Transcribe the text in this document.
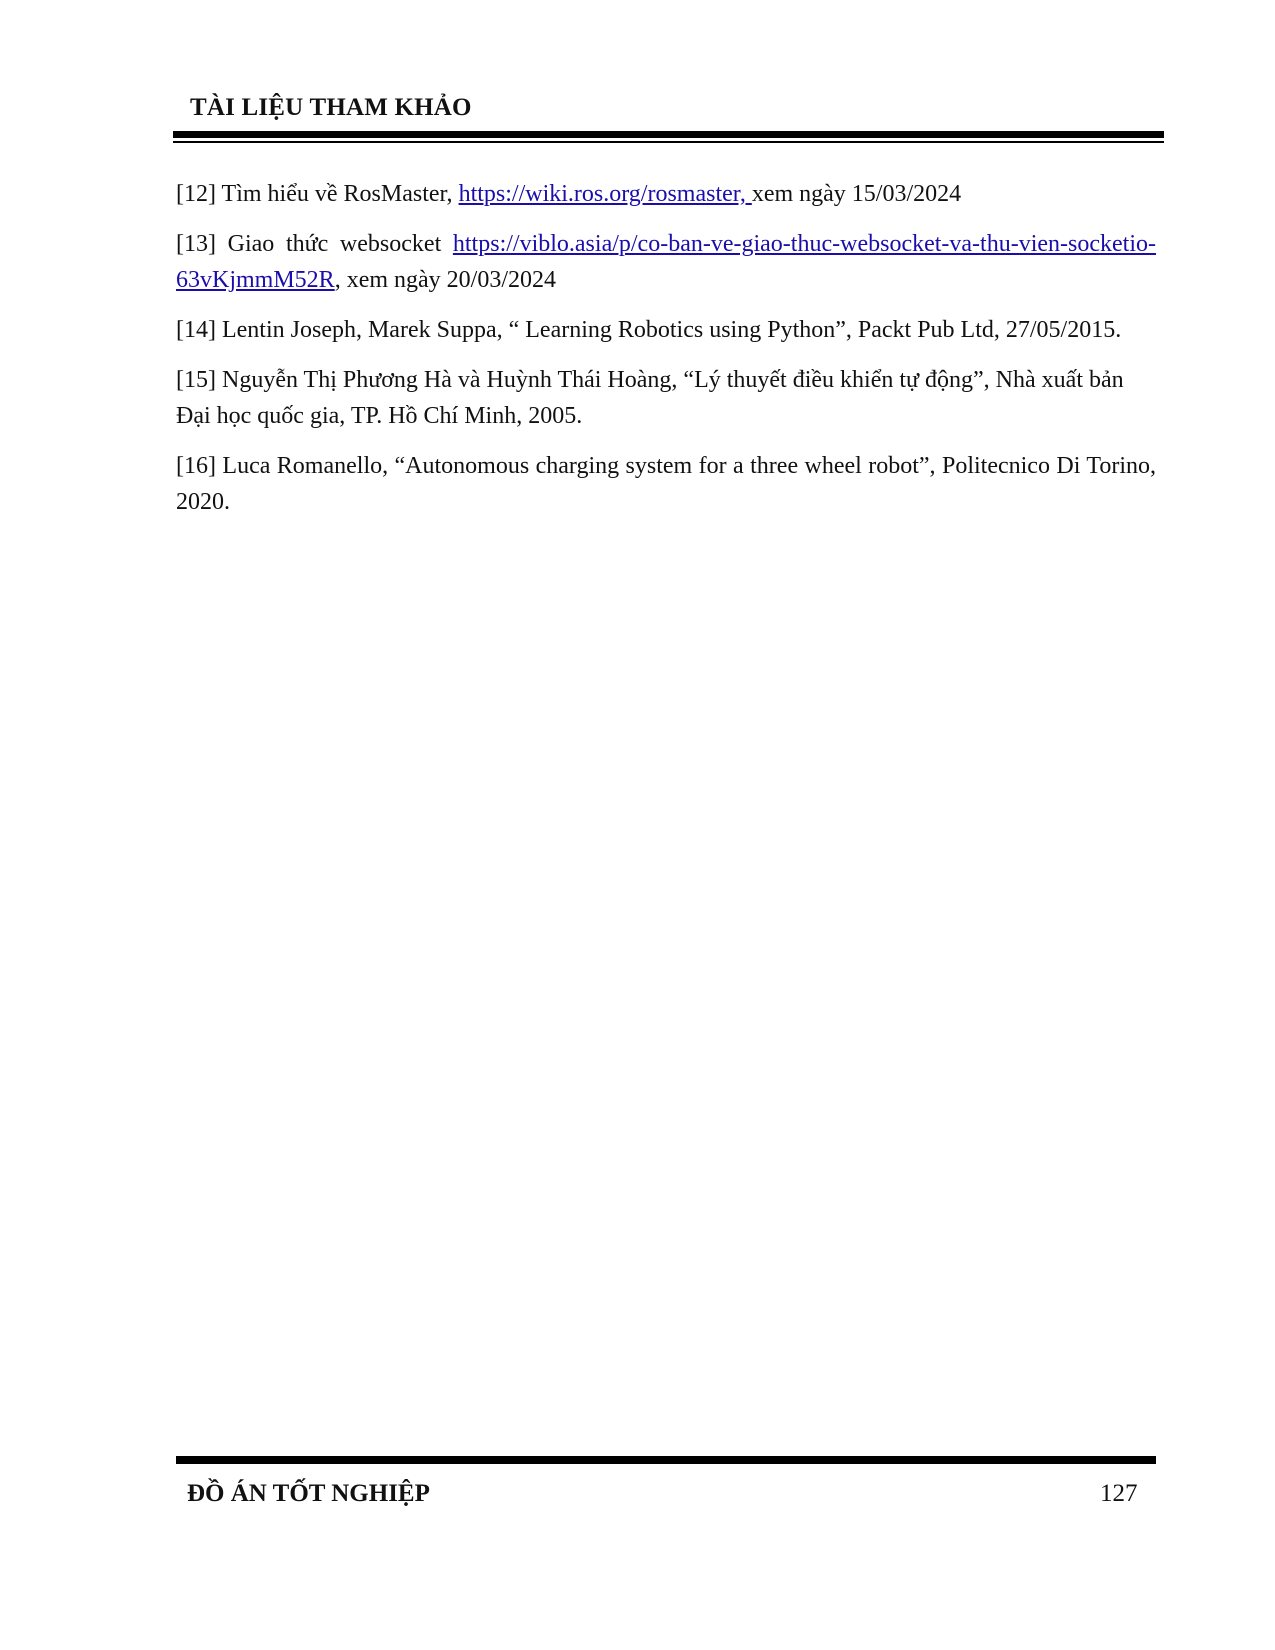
TÀI LIỆU THAM KHẢO

[12] Tìm hiểu về RosMaster, https://wiki.ros.org/rosmaster, xem ngày 15/03/2024

[13] Giao thức websocket https://viblo.asia/p/co-ban-ve-giao-thuc-websocket-va-thu-vien-socketio-63vKjmmM52R, xem ngày 20/03/2024

[14] Lentin Joseph, Marek Suppa, “ Learning Robotics using Python”, Packt Pub Ltd, 27/05/2015.

[15] Nguyễn Thị Phương Hà và Huỳnh Thái Hoàng, “Lý thuyết điều khiển tự động”, Nhà xuất bản Đại học quốc gia, TP. Hồ Chí Minh, 2005.

[16] Luca Romanello, “Autonomous charging system for a three wheel robot”, Politecnico Di Torino, 2020.

ĐỒ ÁN TỐT NGHIỆP	127
